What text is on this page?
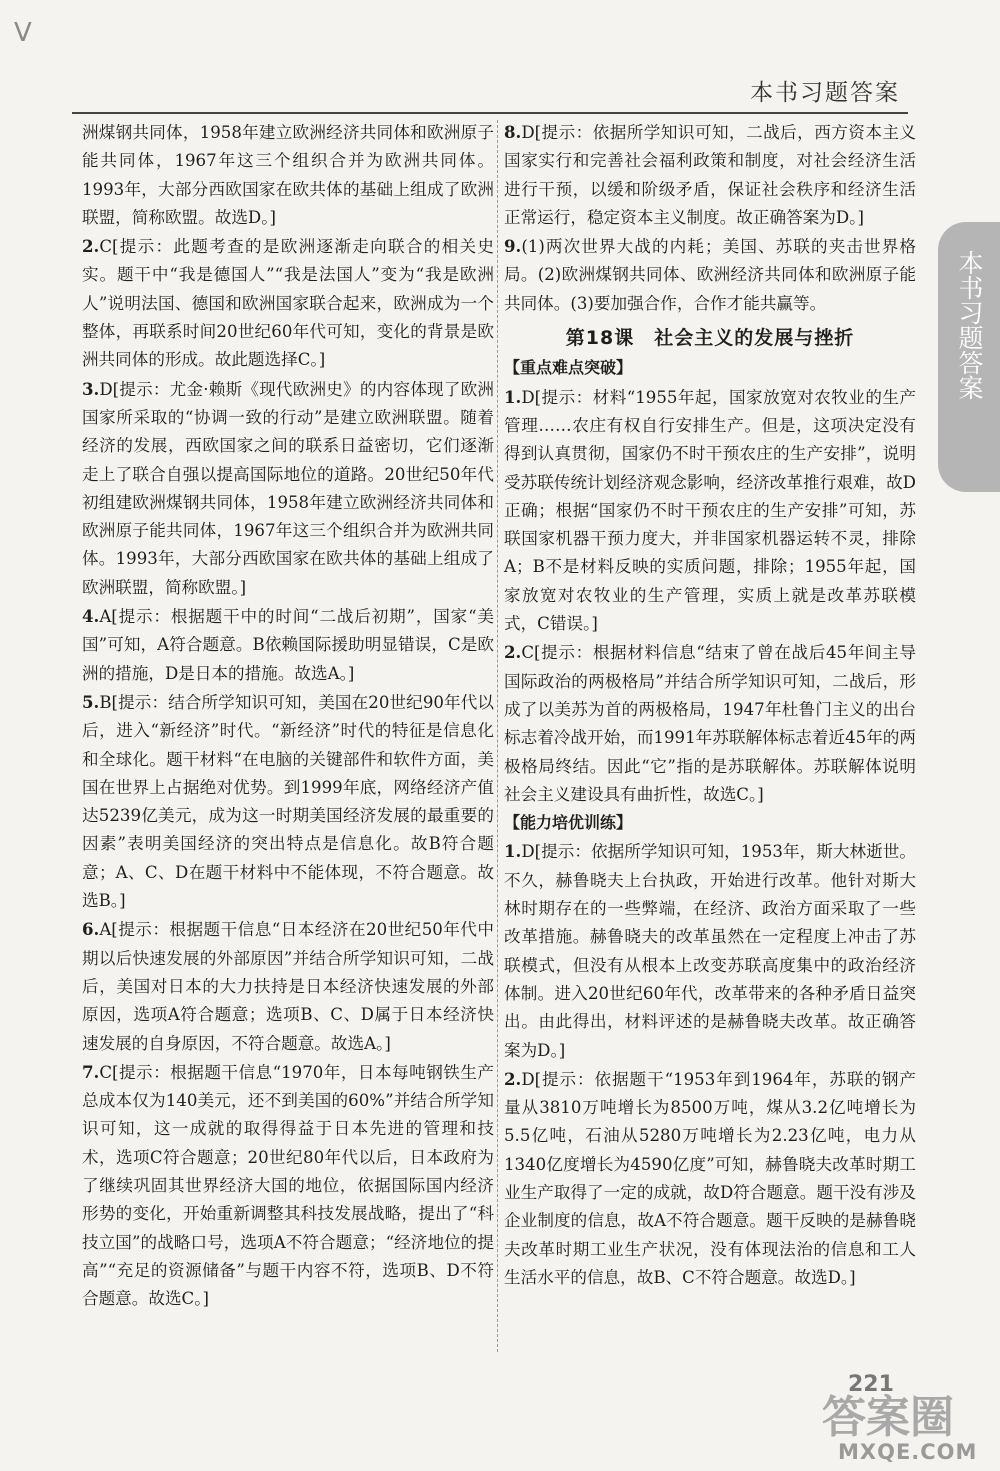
V
本书习题答案
本书习题答案

洲煤钢共同体，1958年建立欧洲经济共同体和欧洲原子能共同体，1967年这三个组织合并为欧洲共同体。1993年，大部分西欧国家在欧共体的基础上组成了欧洲联盟，简称欧盟。故选D。]

2.C[提示：此题考查的是欧洲逐渐走向联合的相关史实。题干中“我是德国人”“我是法国人”变为“我是欧洲人”说明法国、德国和欧洲国家联合起来，欧洲成为一个整体，再联系时间20世纪60年代可知，变化的背景是欧洲共同体的形成。故此题选择C。]

3.D[提示：尤金·赖斯《现代欧洲史》的内容体现了欧洲国家所采取的“协调一致的行动”是建立欧洲联盟。随着经济的发展，西欧国家之间的联系日益密切，它们逐渐走上了联合自强以提高国际地位的道路。20世纪50年代初组建欧洲煤钢共同体，1958年建立欧洲经济共同体和欧洲原子能共同体，1967年这三个组织合并为欧洲共同体。1993年，大部分西欧国家在欧共体的基础上组成了欧洲联盟，简称欧盟。]

4.A[提示：根据题干中的时间“二战后初期”，国家“美国”可知，A符合题意。B依赖国际援助明显错误，C是欧洲的措施，D是日本的措施。故选A。]

5.B[提示：结合所学知识可知，美国在20世纪90年代以后，进入“新经济”时代。“新经济”时代的特征是信息化和全球化。题干材料“在电脑的关键部件和软件方面，美国在世界上占据绝对优势。到1999年底，网络经济产值达5239亿美元，成为这一时期美国经济发展的最重要的因素”表明美国经济的突出特点是信息化。故B符合题意；A、C、D在题干材料中不能体现，不符合题意。故选B。]

6.A[提示：根据题干信息“日本经济在20世纪50年代中期以后快速发展的外部原因”并结合所学知识可知，二战后，美国对日本的大力扶持是日本经济快速发展的外部原因，选项A符合题意；选项B、C、D属于日本经济快速发展的自身原因，不符合题意。故选A。]

7.C[提示：根据题干信息“1970年，日本每吨钢铁生产总成本仅为140美元，还不到美国的60%”并结合所学知识可知，这一成就的取得得益于日本先进的管理和技术，选项C符合题意；20世纪80年代以后，日本政府为了继续巩固其世界经济大国的地位，依据国际国内经济形势的变化，开始重新调整其科技发展战略，提出了“科技立国”的战略口号，选项A不符合题意；“经济地位的提高”“充足的资源储备”与题干内容不符，选项B、D不符合题意。故选C。]

8.D[提示：依据所学知识可知，二战后，西方资本主义国家实行和完善社会福利政策和制度，对社会经济生活进行干预，以缓和阶级矛盾，保证社会秩序和经济生活正常运行，稳定资本主义制度。故正确答案为D。]

9.(1)两次世界大战的内耗；美国、苏联的夹击世界格局。(2)欧洲煤钢共同体、欧洲经济共同体和欧洲原子能共同体。(3)要加强合作，合作才能共赢等。

第18课　社会主义的发展与挫折

【重点难点突破】

1.D[提示：材料“1955年起，国家放宽对农牧业的生产管理……农庄有权自行安排生产。但是，这项决定没有得到认真贯彻，国家仍不时干预农庄的生产安排”，说明受苏联传统计划经济观念影响，经济改革推行艰难，故D正确；根据“国家仍不时干预农庄的生产安排”可知，苏联国家机器干预力度大，并非国家机器运转不灵，排除A；B不是材料反映的实质问题，排除；1955年起，国家放宽对农牧业的生产管理，实质上就是改革苏联模式，C错误。]

2.C[提示：根据材料信息“结束了曾在战后45年间主导国际政治的两极格局”并结合所学知识可知，二战后，形成了以美苏为首的两极格局，1947年杜鲁门主义的出台标志着冷战开始，而1991年苏联解体标志着近45年的两极格局终结。因此“它”指的是苏联解体。苏联解体说明社会主义建设具有曲折性，故选C。]

【能力培优训练】

1.D[提示：依据所学知识可知，1953年，斯大林逝世。不久，赫鲁晓夫上台执政，开始进行改革。他针对斯大林时期存在的一些弊端，在经济、政治方面采取了一些改革措施。赫鲁晓夫的改革虽然在一定程度上冲击了苏联模式，但没有从根本上改变苏联高度集中的政治经济体制。进入20世纪60年代，改革带来的各种矛盾日益突出。由此得出，材料评述的是赫鲁晓夫改革。故正确答案为D。]

2.D[提示：依据题干“1953年到1964年，苏联的钢产量从3810万吨增长为8500万吨，煤从3.2亿吨增长为5.5亿吨，石油从5280万吨增长为2.23亿吨，电力从1340亿度增长为4590亿度”可知，赫鲁晓夫改革时期工业生产取得了一定的成就，故D符合题意。题干没有涉及企业制度的信息，故A不符合题意。题干反映的是赫鲁晓夫改革时期工业生产状况，没有体现法治的信息和工人生活水平的信息，故B、C不符合题意。故选D。]

221
答案圈
MXQE.COM
